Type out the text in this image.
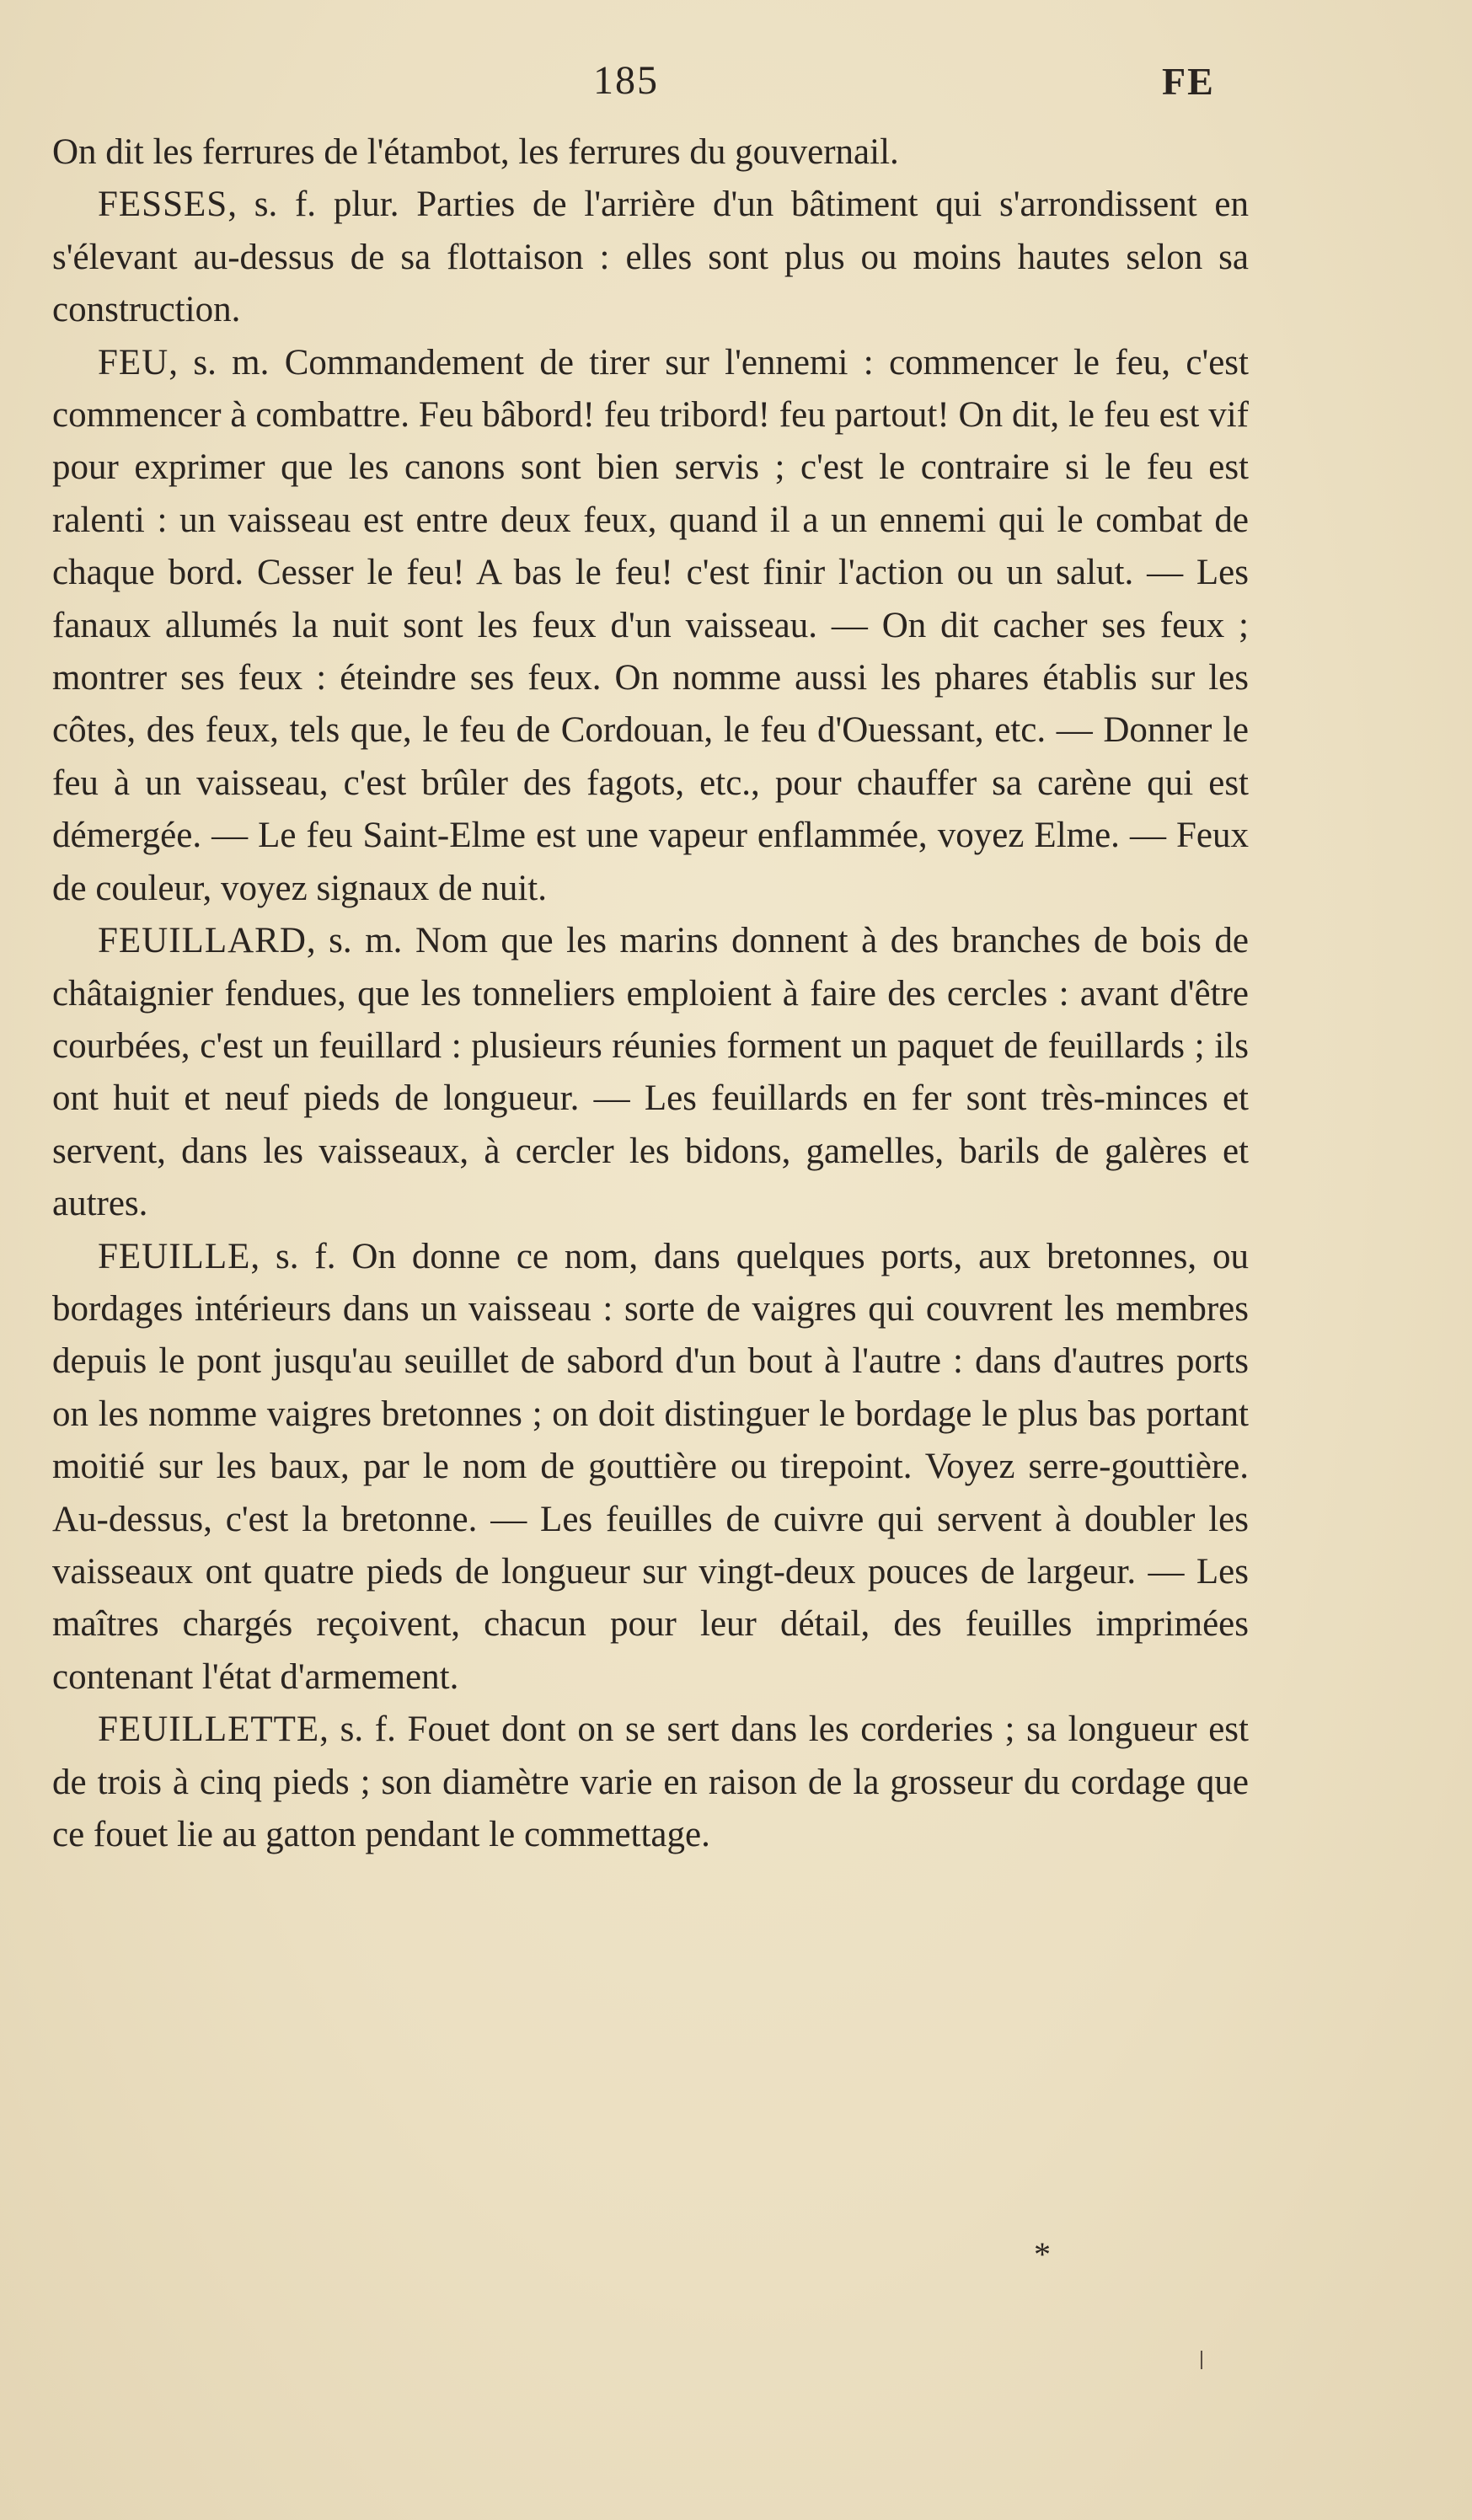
185	FE

On dit les ferrures de l'étambot, les ferrures du gouvernail.

FESSES, s. f. plur. Parties de l'arrière d'un bâtiment qui s'arrondissent en s'élevant au-dessus de sa flottaison : elles sont plus ou moins hautes selon sa construction.

FEU, s. m. Commandement de tirer sur l'ennemi : commencer le feu, c'est commencer à combattre. Feu bâbord! feu tribord! feu partout! On dit, le feu est vif pour exprimer que les canons sont bien servis ; c'est le contraire si le feu est ralenti : un vaisseau est entre deux feux, quand il a un ennemi qui le combat de chaque bord. Cesser le feu! A bas le feu! c'est finir l'action ou un salut. — Les fanaux allumés la nuit sont les feux d'un vaisseau. — On dit cacher ses feux ; montrer ses feux : éteindre ses feux. On nomme aussi les phares établis sur les côtes, des feux, tels que, le feu de Cordouan, le feu d'Ouessant, etc. — Donner le feu à un vaisseau, c'est brûler des fagots, etc., pour chauffer sa carène qui est démergée. — Le feu Saint-Elme est une vapeur enflammée, voyez Elme. — Feux de couleur, voyez signaux de nuit.

FEUILLARD, s. m. Nom que les marins donnent à des branches de bois de châtaignier fendues, que les tonneliers emploient à faire des cercles : avant d'être courbées, c'est un feuillard : plusieurs réunies forment un paquet de feuillards ; ils ont huit et neuf pieds de longueur. — Les feuillards en fer sont très-minces et servent, dans les vaisseaux, à cercler les bidons, gamelles, barils de galères et autres.

FEUILLE, s. f. On donne ce nom, dans quelques ports, aux bretonnes, ou bordages intérieurs dans un vaisseau : sorte de vaigres qui couvrent les membres depuis le pont jusqu'au seuillet de sabord d'un bout à l'autre : dans d'autres ports on les nomme vaigres bretonnes ; on doit distinguer le bordage le plus bas portant moitié sur les baux, par le nom de gouttière ou tirepoint. Voyez serre-gouttière. Au-dessus, c'est la bretonne. — Les feuilles de cuivre qui servent à doubler les vaisseaux ont quatre pieds de longueur sur vingt-deux pouces de largeur. — Les maîtres chargés reçoivent, chacun pour leur détail, des feuilles imprimées contenant l'état d'armement.

FEUILLETTE, s. f. Fouet dont on se sert dans les corderies ; sa longueur est de trois à cinq pieds ; son diamètre varie en raison de la grosseur du cordage que ce fouet lie au gatton pendant le commettage.

*
